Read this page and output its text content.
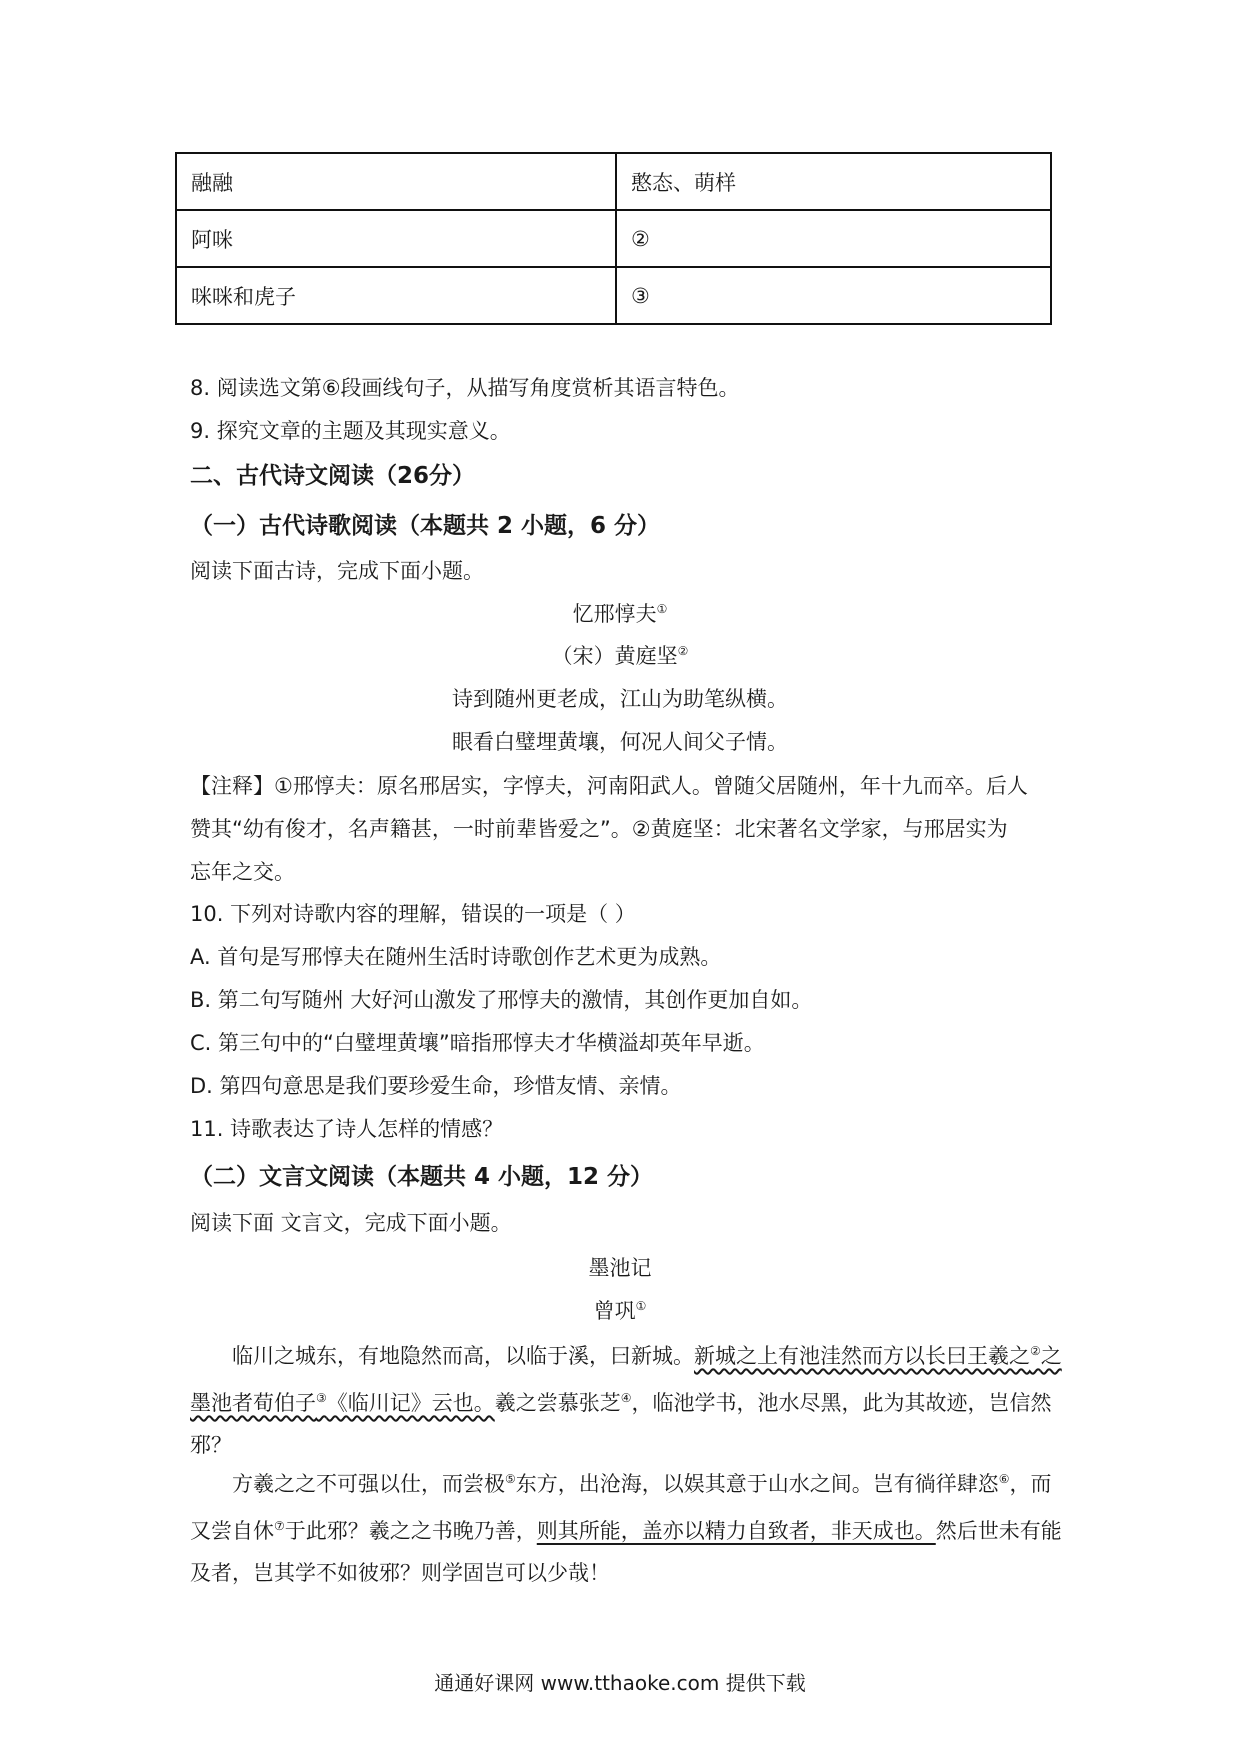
融融	憨态、萌样
阿咪	②
咪咪和虎子	③
8. 阅读选文第⑥段画线句子，从描写角度赏析其语言特色。
9. 探究文章的主题及其现实意义。
二、古代诗文阅读（26分）
（一）古代诗歌阅读（本题共 2 小题，6 分）
阅读下面古诗，完成下面小题。
忆邢惇夫①
（宋）黄庭坚②
诗到随州更老成，江山为助笔纵横。
眼看白璧埋黄壤，何况人间父子情。
【注释】①邢惇夫：原名邢居实，字惇夫，河南阳武人。曾随父居随州，年十九而卒。后人
赞其“幼有俊才，名声籍甚，一时前辈皆爱之”。②黄庭坚：北宋著名文学家，与邢居实为
忘年之交。
10. 下列对诗歌内容的理解，错误的一项是（ ）
A. 首句是写邢惇夫在随州生活时诗歌创作艺术更为成熟。
B. 第二句写随州 大好河山激发了邢惇夫的激情，其创作更加自如。
C. 第三句中的“白璧埋黄壤”暗指邢惇夫才华横溢却英年早逝。
D. 第四句意思是我们要珍爱生命，珍惜友情、亲情。
11. 诗歌表达了诗人怎样的情感？
（二）文言文阅读（本题共 4 小题，12 分）
阅读下面 文言文，完成下面小题。
墨池记
曾巩①
临川之城东，有地隐然而高，以临于溪，曰新城。新城之上有池洼然而方以长曰王羲之②之墨池者荀伯子③《临川记》云也。羲之尝慕张芝④，临池学书，池水尽黑，此为其故迹，岂信然邪？
方羲之之不可强以仕，而尝极⑤东方，出沧海，以娱其意于山水之间。岂有徜徉肆恣⑥，而又尝自休⑦于此邪？羲之之书晚乃善，则其所能，盖亦以精力自致者，非天成也。然后世未有能及者，岂其学不如彼邪？则学固岂可以少哉！
通通好课网 www.tthaoke.com 提供下载
